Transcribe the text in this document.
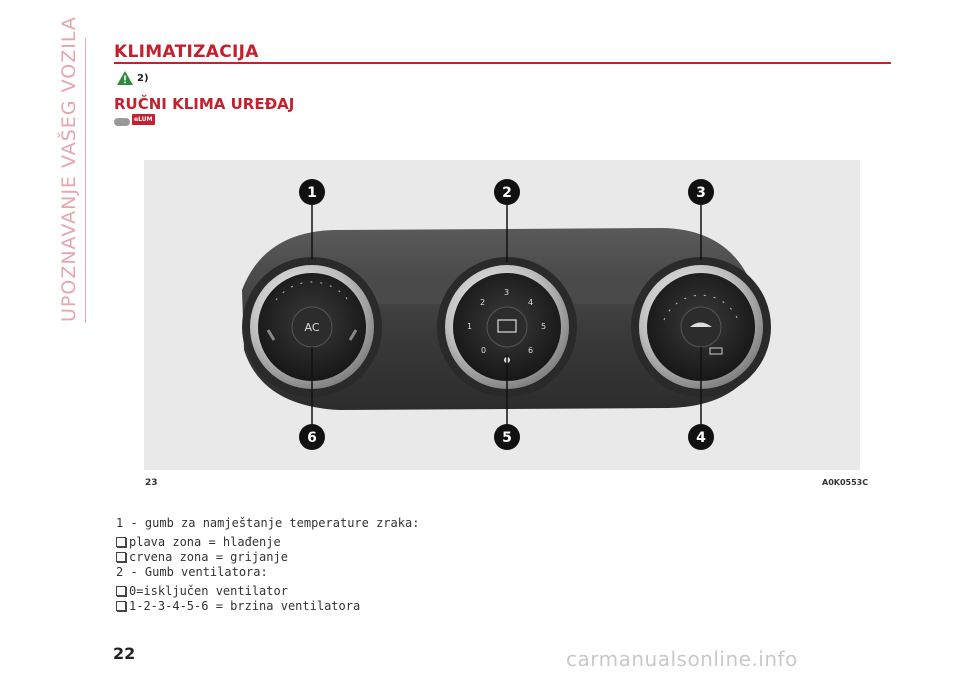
UPOZNAVANJE VAŠEG VOZILA KLIMATIZACIJA
2)
RUČNI KLIMA UREĐAJ
eLUM
AC
0
1
2
3
4
5
6
1	2	3
4
5
6
23	A0K0553C
1 - gumb za namještanje temperature zraka:
plava zona = hlađenje
crvena zona = grijanje
2 - Gumb ventilatora:
0=isključen ventilator
1-2-3-4-5-6 = brzina ventilatora
22	carmanualsonline.info
